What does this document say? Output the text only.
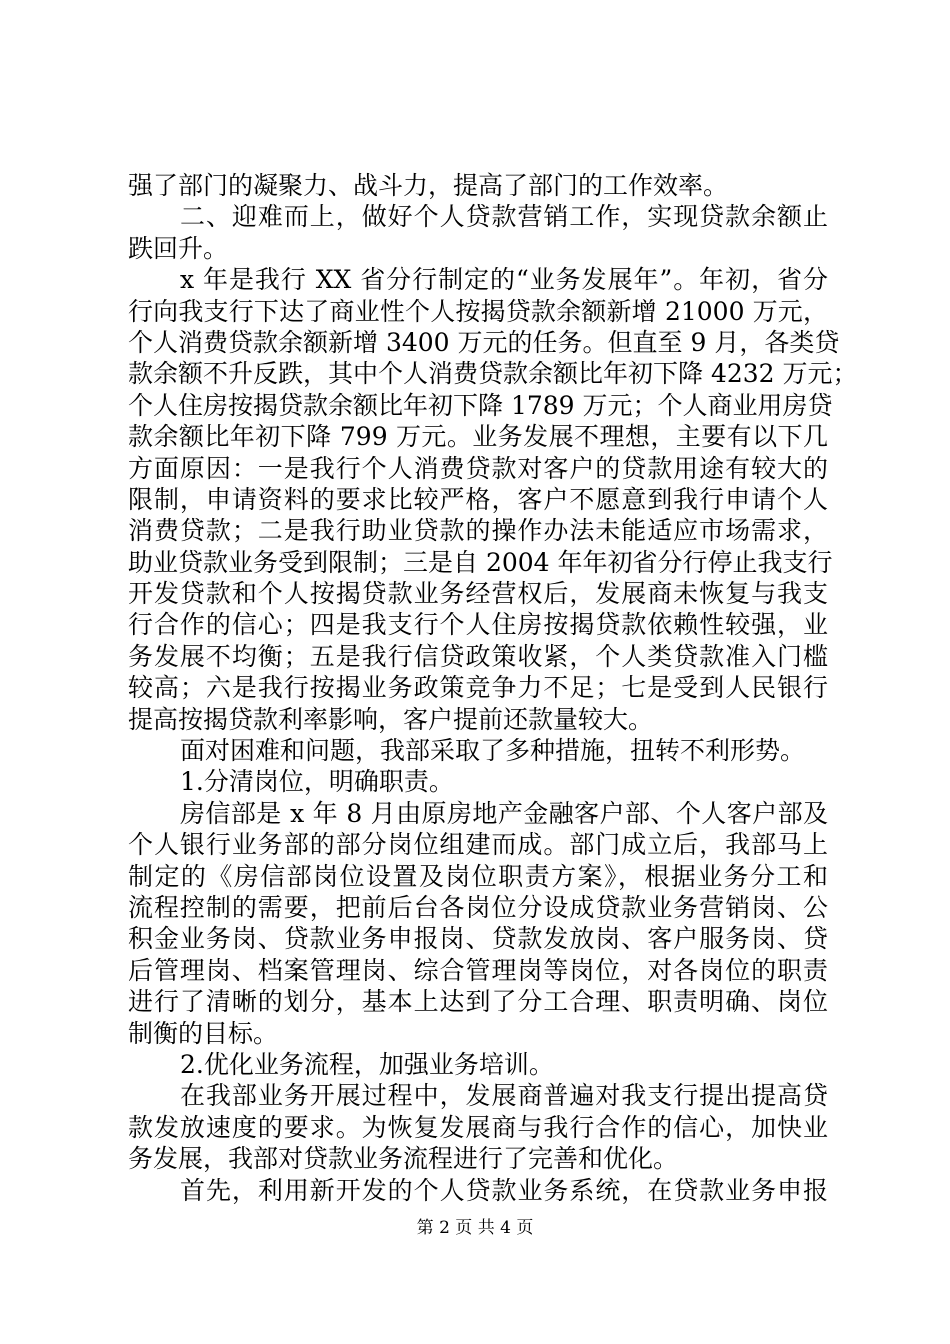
强了部门的凝聚力、战斗力，提高了部门的工作效率。
二、迎难而上，做好个人贷款营销工作，实现贷款余额止
跌回升。
x 年是我行 XX 省分行制定的“业务发展年”。年初，省分
行向我支行下达了商业性个人按揭贷款余额新增 21000 万元，
个人消费贷款余额新增 3400 万元的任务。但直至 9 月，各类贷
款余额不升反跌，其中个人消费贷款余额比年初下降 4232 万元；
个人住房按揭贷款余额比年初下降 1789 万元；个人商业用房贷
款余额比年初下降 799 万元。业务发展不理想，主要有以下几
方面原因：一是我行个人消费贷款对客户的贷款用途有较大的
限制，申请资料的要求比较严格，客户不愿意到我行申请个人
消费贷款；二是我行助业贷款的操作办法未能适应市场需求，
助业贷款业务受到限制；三是自 2004 年年初省分行停止我支行
开发贷款和个人按揭贷款业务经营权后，发展商未恢复与我支
行合作的信心；四是我支行个人住房按揭贷款依赖性较强，业
务发展不均衡；五是我行信贷政策收紧，个人类贷款准入门槛
较高；六是我行按揭业务政策竞争力不足；七是受到人民银行
提高按揭贷款利率影响，客户提前还款量较大。
面对困难和问题，我部采取了多种措施，扭转不利形势。
1.分清岗位，明确职责。
房信部是 x 年 8 月由原房地产金融客户部、个人客户部及
个人银行业务部的部分岗位组建而成。部门成立后，我部马上
制定的《房信部岗位设置及岗位职责方案》，根据业务分工和
流程控制的需要，把前后台各岗位分设成贷款业务营销岗、公
积金业务岗、贷款业务申报岗、贷款发放岗、客户服务岗、贷
后管理岗、档案管理岗、综合管理岗等岗位，对各岗位的职责
进行了清晰的划分，基本上达到了分工合理、职责明确、岗位
制衡的目标。
2.优化业务流程，加强业务培训。
在我部业务开展过程中，发展商普遍对我支行提出提高贷
款发放速度的要求。为恢复发展商与我行合作的信心，加快业
务发展，我部对贷款业务流程进行了完善和优化。
首先，利用新开发的个人贷款业务系统，在贷款业务申报
第 2 页 共 4 页
